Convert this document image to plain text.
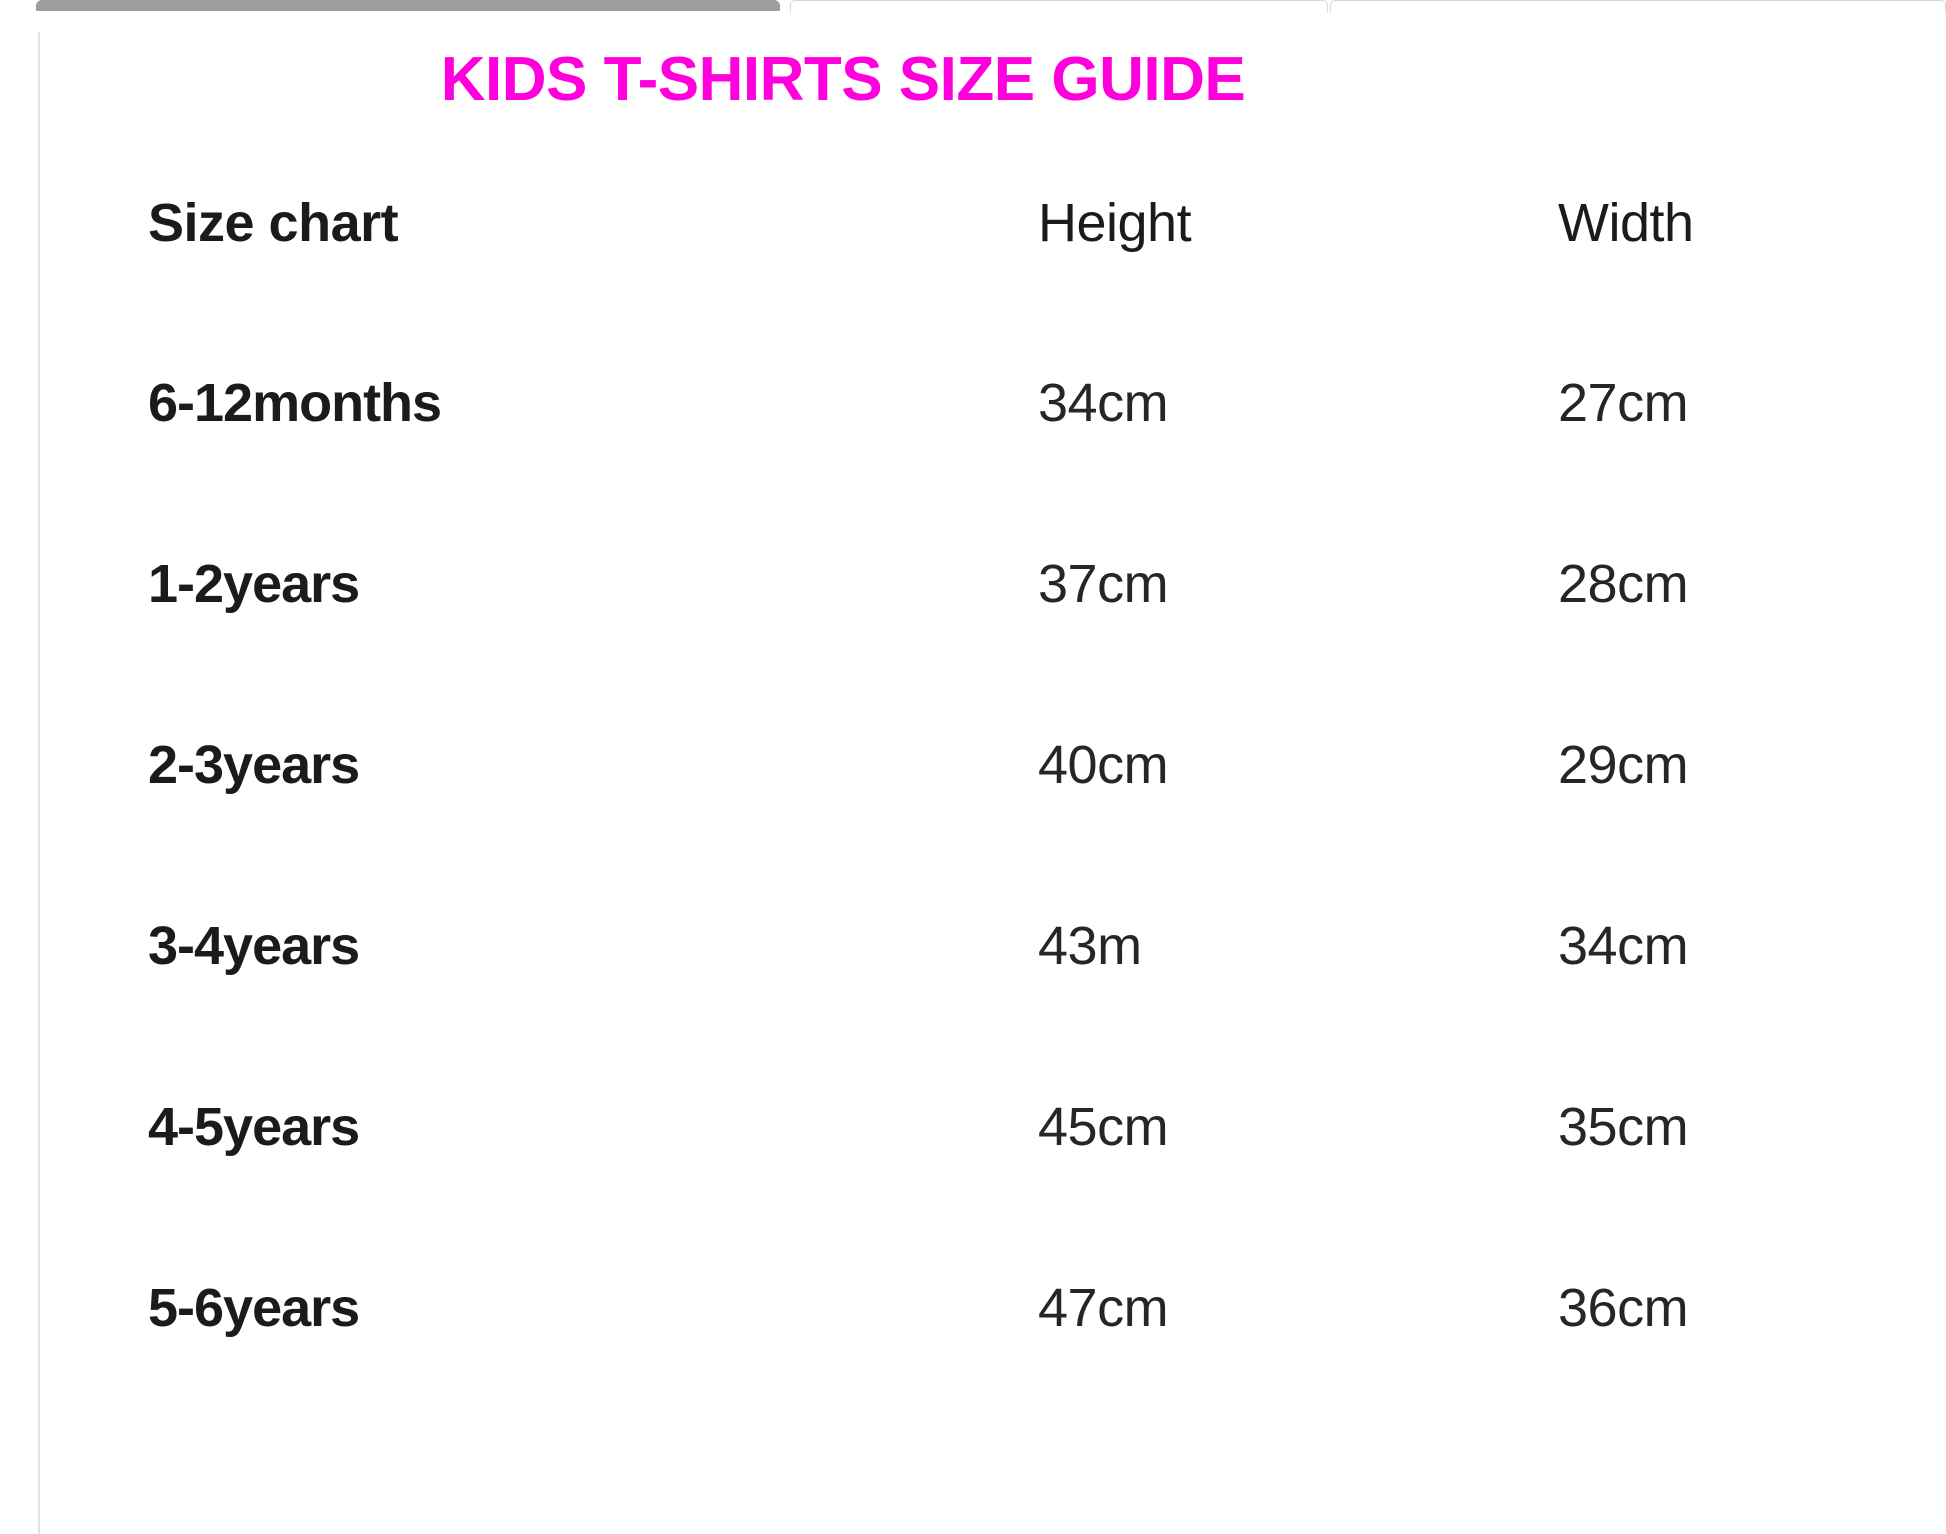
KIDS T-SHIRTS SIZE GUIDE
Size chart	Height	Width
6-12months	34cm	27cm
1-2years	37cm	28cm
2-3years	40cm	29cm
3-4years	43m	34cm
4-5years	45cm	35cm
5-6years	47cm	36cm
